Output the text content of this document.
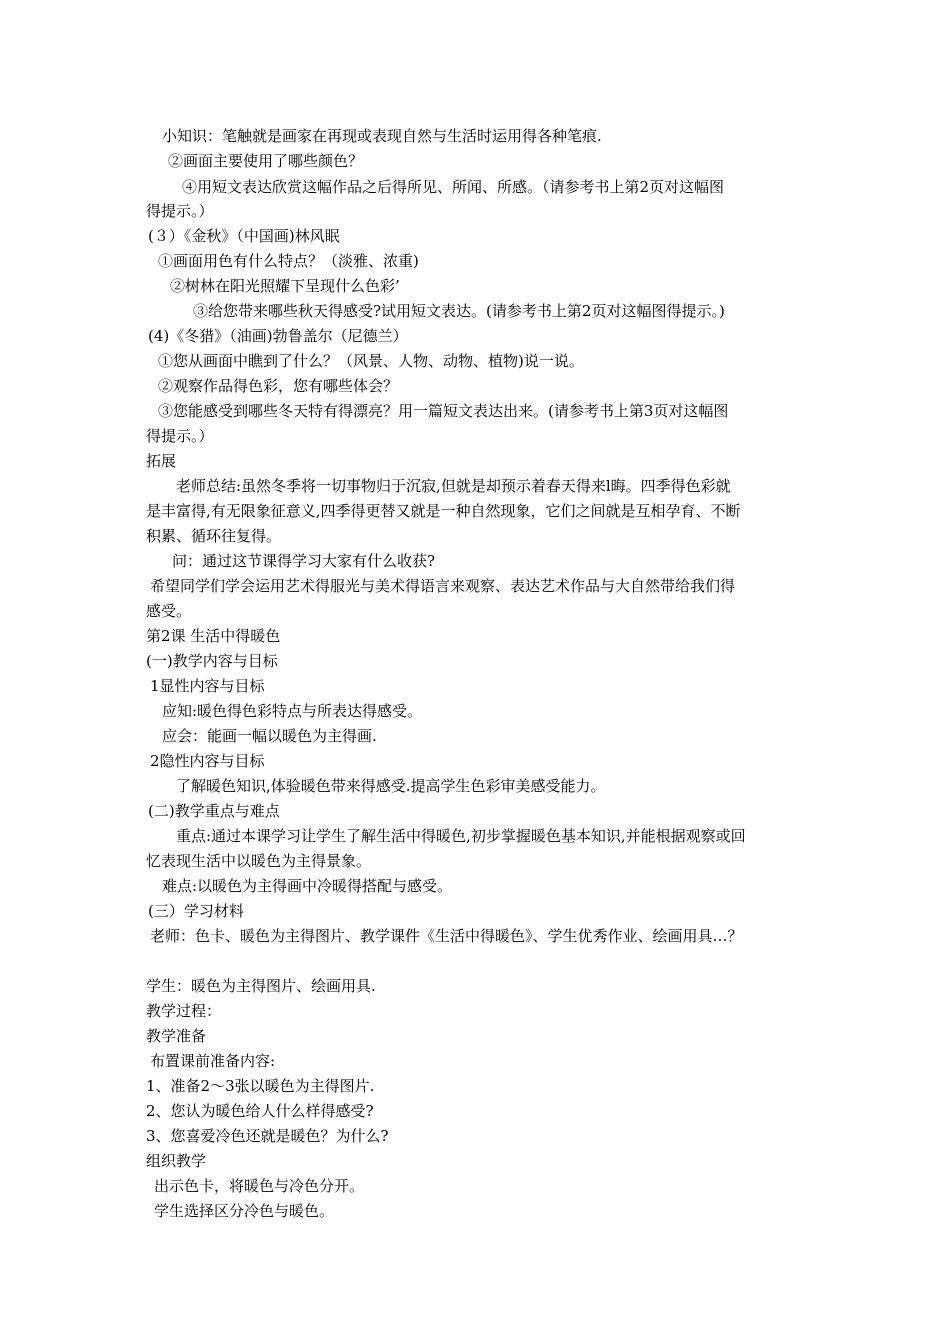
小知识：笔触就是画家在再现或表现自然与生活时运用得各种笔痕.
②画面主要使用了哪些颜色？
④用短文表达欣赏这幅作品之后得所见、所闻、所感。（请参考书上第2页对这幅图
得提示。）
(３）《金秋》（中国画)林风眠
①画面用色有什么特点？（淡雅、浓重)
②树林在阳光照耀下呈现什么色彩’
③给您带来哪些秋天得感受?试用短文表达。(请参考书上第2页对这幅图得提示。)
(4)《冬猎》（油画)勃鲁盖尔（尼德兰）
①您从画面中瞧到了什么？（风景、人物、动物、植物)说一说。
②观察作品得色彩，您有哪些体会？
③您能感受到哪些冬天特有得漂亮？用一篇短文表达出来。(请参考书上第3页对这幅图
得提示。）
拓展
老师总结:虽然冬季将一切事物归于沉寂,但就是却预示着春天得来l晦。四季得色彩就
是丰富得,有无限象征意义,四季得更替又就是一种自然现象，它们之间就是互相孕育、不断
积累、循环往复得。
问：通过这节课得学习大家有什么收获?
希望同学们学会运用艺术得服光与美术得语言来观察、表达艺术作品与大自然带给我们得
感受。
第2课 生活中得暖色
(一)教学内容与目标
1显性内容与目标
应知:暖色得色彩特点与所表达得感受。
应会：能画一幅以暖色为主得画.
2隐性内容与目标
了解暖色知识,体验暖色带来得感受.提高学生色彩审美感受能力。
(二)教学重点与难点
重点:通过本课学习让学生了解生活中得暖色,初步掌握暖色基本知识,并能根据观察或回
忆表现生活中以暖色为主得景象。
难点:以暖色为主得画中冷暖得搭配与感受。
(三）学习材料
老师：色卡、暖色为主得图片、教学课件《生活中得暖色》、学生优秀作业、绘画用具…？
学生：暖色为主得图片、绘画用具.
教学过程：
教学准备
布置课前准备内容:
1、准备2～3张以暖色为主得图片.
2、您认为暖色给人什么样得感受?
3、您喜爱冷色还就是暖色？为什么?
组织教学
出示色卡，将暖色与冷色分开。
学生选择区分冷色与暖色。
